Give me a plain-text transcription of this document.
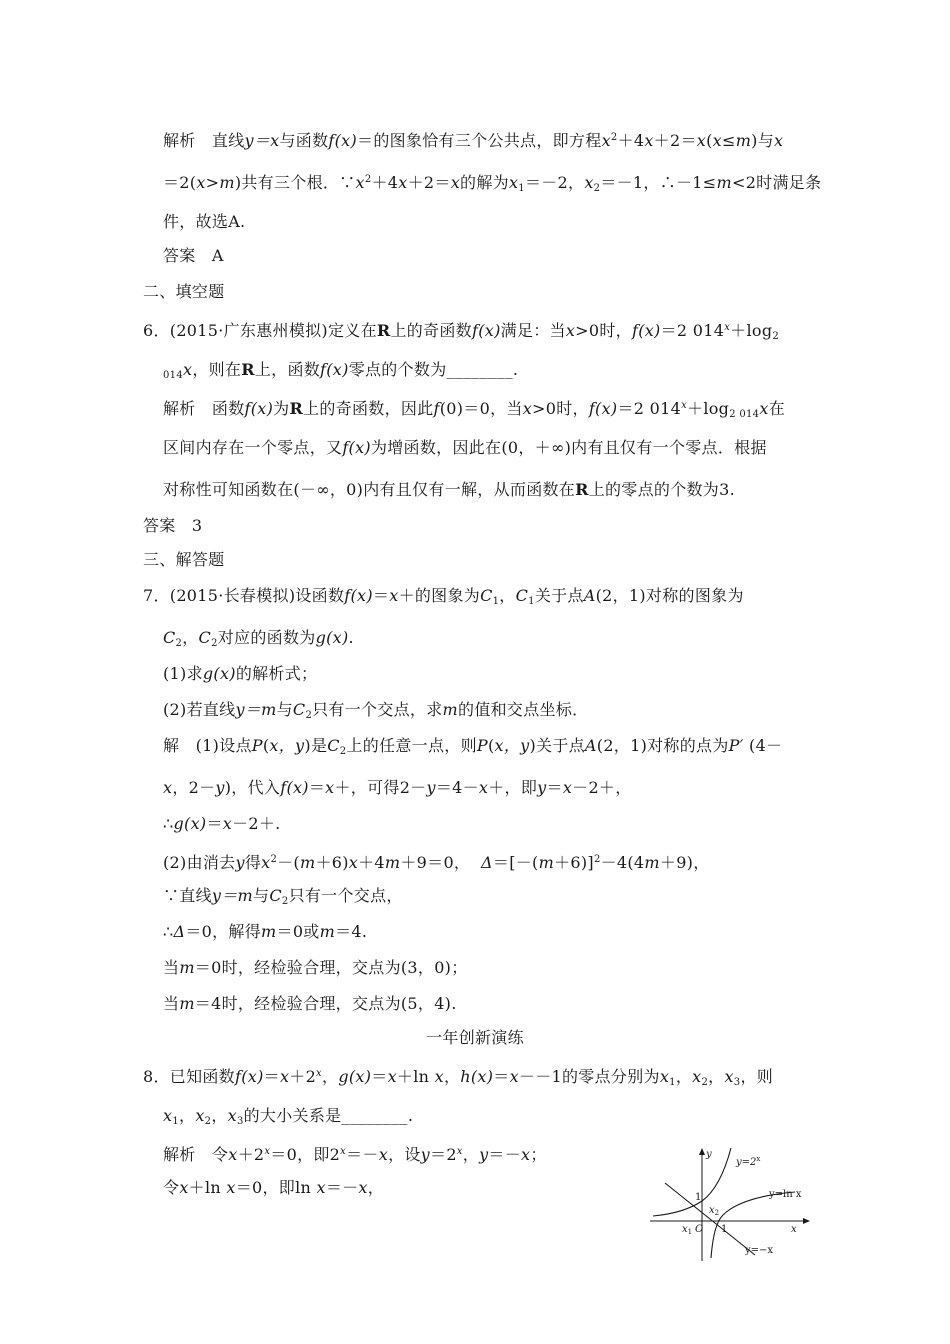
解析　 直线y＝x与函数f(x)＝的图象恰有三个公共点，即方程$x^2+4x+2=x(x\le m)$与x
＝2(x>m)共有三个根．$\because x^2+4x+2=x$的解为$x_1=-2$，$x_2=-1$，∴－1≤m<2时满足条
件，故选A.
答案　A
二、填空题
6．(2015·广东惠州模拟)定义在R上的奇函数f(x)满足：当x>0时，f(x)＝2 $014^x+\log_2$
$_{014}$x，则在R上，函数f(x)零点的个数为________.
解析　 函数f(x)为R上的奇函数，因此f(0)＝0，当x>0时，f(x)＝2 $014^x+\log_{2 014}x$在
区间内存在一个零点，又f(x)为增函数，因此在(0，＋∞)内有且仅有一个零点．根据
对称性可知函数在(－∞，0)内有且仅有一解，从而函数在R上的零点的个数为3.
答案　3
三、解答题
7．(2015·长春模拟)设函数f(x)＝x＋的图象为$C_1$，$C_1$关于点A(2，1)对称的图象为
$C_2$，$C_2$对应的函数为g(x).
(1)求g(x)的解析式；
(2)若直线y＝m与$C_2$只有一个交点，求m的值和交点坐标．
解　 (1)设点P(x，y)是$C_2$上的任意一点，则P(x，y)关于点A(2，1)对称的点为P′ (4－
x，2－y)，代入f(x)＝x＋，可得2－y＝4－x＋，即y＝x－2＋，
∴g(x)＝x－2＋.
(2)由消去y得$x^2-(m+6)x+4m+9=0$， $\Delta=[-(m+6)]^2-4(4m+9)$，
∵直线y＝m与$C_2$只有一个交点，
∴Δ＝0，解得m＝0或m＝4.
当m＝0时，经检验合理，交点为(3，0)；
当m＝4时，经检验合理，交点为(5，4).
一年创新演练
8．已知函数$f(x)=x+2^x$，g(x)＝x＋ln x，h(x)＝x－－1的零点分别为$x_1$，$x_2$，$x_3$，则
$x_1$，$x_2$，$x_3$的大小关系是________.
解析　 令$x+2^x=0$，即$2^x=-x$，设$y=2^x$，y＝－x；
令x＋ln x＝0，即ln x＝－x，
$y=2^x$
y=ln x
y=−x
x
y
O
1
1
$x_1$
$x_2$
